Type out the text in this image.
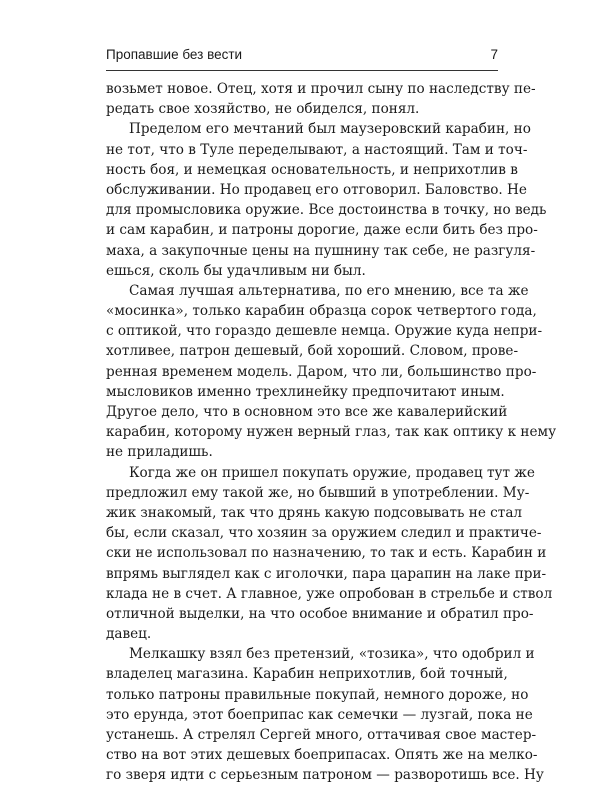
Пропавшие без вести	7
возьмет новое. Отец, хотя и прочил сыну по наследству пе-
редать свое хозяйство, не обиделся, понял.
Пределом его мечтаний был маузеровский карабин, но
не тот, что в Туле переделывают, а настоящий. Там и точ-
ность боя, и немецкая основательность, и неприхотлив в
обслуживании. Но продавец его отговорил. Баловство. Не
для промысловика оружие. Все достоинства в точку, но ведь
и сам карабин, и патроны дорогие, даже если бить без про-
маха, а закупочные цены на пушнину так себе, не разгуля-
ешься, сколь бы удачливым ни был.
Самая лучшая альтернатива, по его мнению, все та же
«мосинка», только карабин образца сорок четвертого года,
с оптикой, что гораздо дешевле немца. Оружие куда непри-
хотливее, патрон дешевый, бой хороший. Словом, прове-
ренная временем модель. Даром, что ли, большинство про-
мысловиков именно трехлинейку предпочитают иным.
Другое дело, что в основном это все же кавалерийский
карабин, которому нужен верный глаз, так как оптику к нему
не приладишь.
Когда же он пришел покупать оружие, продавец тут же
предложил ему такой же, но бывший в употреблении. Му-
жик знакомый, так что дрянь какую подсовывать не стал
бы, если сказал, что хозяин за оружием следил и практиче-
ски не использовал по назначению, то так и есть. Карабин и
впрямь выглядел как с иголочки, пара царапин на лаке при-
клада не в счет. А главное, уже опробован в стрельбе и ствол
отличной выделки, на что особое внимание и обратил про-
давец.
Мелкашку взял без претензий, «тозика», что одобрил и
владелец магазина. Карабин неприхотлив, бой точный,
только патроны правильные покупай, немного дороже, но
это ерунда, этот боеприпас как семечки — лузгай, пока не
устанешь. А стрелял Сергей много, оттачивая свое мастер-
ство на вот этих дешевых боеприпасах. Опять же на мелко-
го зверя идти с серьезным патроном — разворотишь все. Ну
